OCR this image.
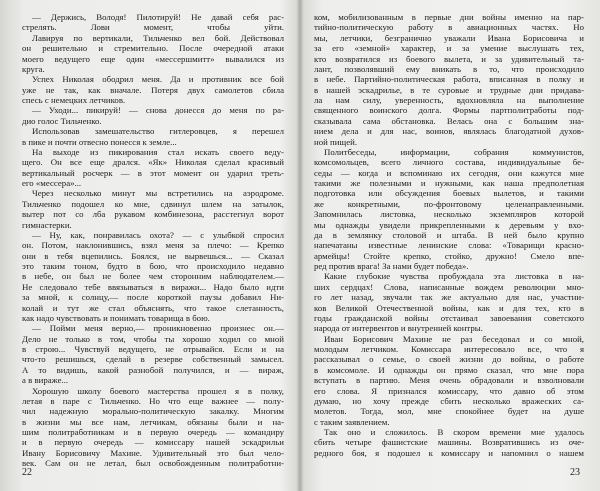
— Держись, Володя! Пилотируй! Не давай себя рас-
стрелять. Лови момент, чтобы уйти.
Лавируя по вертикали, Тильченко вел бой. Действовал
он решительно и стремительно. После очередной атаки
моего ведущего еще один «мессершмитт» вывалился из
круга.
Успех Николая ободрил меня. Да и противник все бой
уже не так, как вначале. Потеря двух самолетов сбила
спесь с немецких летчиков.
— Уходи... пикируй! — снова донесся до меня по ра-
дио голос Тильченко.
Использовав замешательство гитлеровцев, я перешел
в пике и почти отвесно понесся к земле...
На выходе из пикирования стал искать своего веду-
щего. Он все еще дрался. «Як» Николая сделал красивый
вертикальный росчерк — в этот момент он ударил треть-
его «мессера»...
Через несколько минут мы встретились на аэродроме.
Тильченко подошел ко мне, сдвинул шлем на затылок,
вытер пот со лба рукавом комбинезона, расстегнул ворот
гимнастерки.
— Ну, как, понравилась охота? — с улыбкой спросил
он. Потом, наклонившись, взял меня за плечо: — Крепко
они в тебя вцепились. Боялся, не вырвешься... — Сказал
это таким тоном, будто в бою, что происходило недавно
в небе, он был не более чем сторонним наблюдателем.—
Не следовало тебе ввязываться в виражи... Надо было идти
за мной, к солнцу,— после короткой паузы добавил Ни-
колай и тут же стал объяснять, что такое слетанность,
как надо чувствовать и понимать товарища в бою.
— Пойми меня верно,— проникновенно произнес он.—
Дело не только в том, чтобы ты хорошо ходил со мной
в строю... Чувствуй ведущего, не отрывайся. Если и на
что-то решишься, сделай в резерве собственный замысел.
А то видишь, какой разнобой получился, и — вираж,
а в вираже...
Хорошую школу боевого мастерства прошел я в полку,
летая в паре с Тильченко. Но что еще важнее — полу-
чил надежную морально-политическую закалку. Многим
в жизни мы все нам, летчикам, обязаны были и на-
шим политработникам и в первую очередь — командиру
и в первую очередь — комиссару нашей эскадрильи
Ивану Борисовичу Махине. Удивительный это был чело-
век. Сам он не летал, был освобожденным политработни-
ком, мобилизованным в первые дни войны именно на пар-
тийно-политическую работу в авиационных частях. Но
мы, летчики, безгранично уважали Ивана Борисовича и
за его «земной» характер, и за умение выслушать тех,
кто возвратился из боевого вылета, и за удивительный та-
лант, позволявший ему вникать в то, что происходило
в небе. Партийно-политическая работа, вписанная в полку и
в нашей эскадрилье, в те суровые и трудные дни придава-
ла нам силу, уверенность, вдохновляла на выполнение
священного воинского долга. Формы партполитработы под-
сказывала сама обстановка. Велась она с большим зна-
нием дела и для нас, воинов, являлась благодатной духов-
ной пищей.
Политбеседы, информации, собрания коммунистов,
комсомольцев, всего личного состава, индивидуальные бе-
седы — когда и вспоминаю их сегодня, они кажутся мне
такими же полезными и нужными, как наша предполетная
подготовка или обсуждения боевых вылетов, и такими
же конкретными, по-фронтовому целенаправленными.
Запомнилась листовка, несколько экземпляров которой
мы однажды увидели прикрепленными к деревьям у вхо-
да в землянку столовой и штаба. В ней было крупно
напечатаны известные ленинские слова: «Товарищи красно-
армейцы! Стойте крепко, стойко, дружно! Смело впе-
ред против врага! За нами будет победа».
Какие глубокие чувства пробуждала эта листовка в на-
ших сердцах! Слова, написанные вождем революции мно-
го лет назад, звучали так же актуально для нас, участни-
ков Великой Отечественной войны, как и для тех, кто в
годы гражданской войны отстаивал завоевания советского
народа от интервентов и внутренней контры.
Иван Борисович Махине не раз беседовал и со мной,
молодым летчиком. Комиссара интересовало все, что я
рассказывал о семье, о своей жизни до войны, о работе
в комсомоле. И однажды он прямо сказал, что мне пора
вступать в партию. Меня очень обрадовали и взволновали
его слова. Я признался комиссару, что давно об этом
думаю, но хочу прежде сбить несколько вражеских са-
молетов. Тогда, мол, мне спокойнее будет на душе
с таким заявлением.
Так оно и сложилось. В скором времени мне удалось
сбить четыре фашистские машины. Возвратившись из оче-
редного боя, я подошел к комиссару и напомнил о нашем
22	23
